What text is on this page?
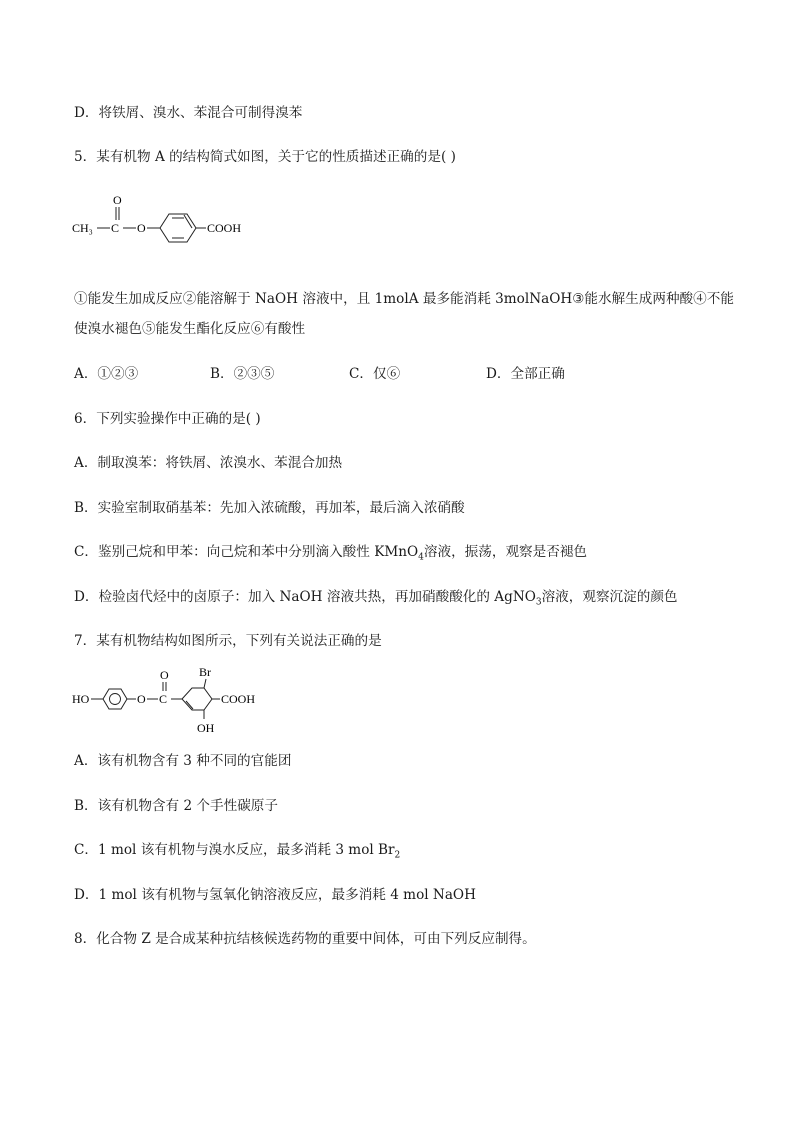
D．将铁屑、溴水、苯混合可制得溴苯
5．某有机物 A 的结构简式如图，关于它的性质描述正确的是( )
CH₃ C
O
O	COOH
①能发生加成反应②能溶解于 NaOH 溶液中，且 1molA 最多能消耗 3molNaOH③能水解生成两种酸④不能
使溴水褪色⑤能发生酯化反应⑥有酸性
A．①②③	B．②③⑤	C．仅⑥	D．全部正确
6．下列实验操作中正确的是( )
A．制取溴苯：将铁屑、浓溴水、苯混合加热
B．实验室制取硝基苯：先加入浓硫酸，再加苯，最后滴入浓硝酸
C．鉴别己烷和甲苯：向己烷和苯中分别滴入酸性 KMnO$_4$溶液，振荡，观察是否褪色
D．检验卤代烃中的卤原子：加入 NaOH 溶液共热，再加硝酸酸化的 AgNO$_3$溶液，观察沉淀的颜色
7．某有机物结构如图所示，下列有关说法正确的是
HO	O C
O	Br
COOH
OH
A．该有机物含有 3 种不同的官能团
B．该有机物含有 2 个手性碳原子
C．1 mol 该有机物与溴水反应，最多消耗 3 mol $Br_2$
D．1 mol 该有机物与氢氧化钠溶液反应，最多消耗 4 mol NaOH
8．化合物 Z 是合成某种抗结核候选药物的重要中间体，可由下列反应制得。
